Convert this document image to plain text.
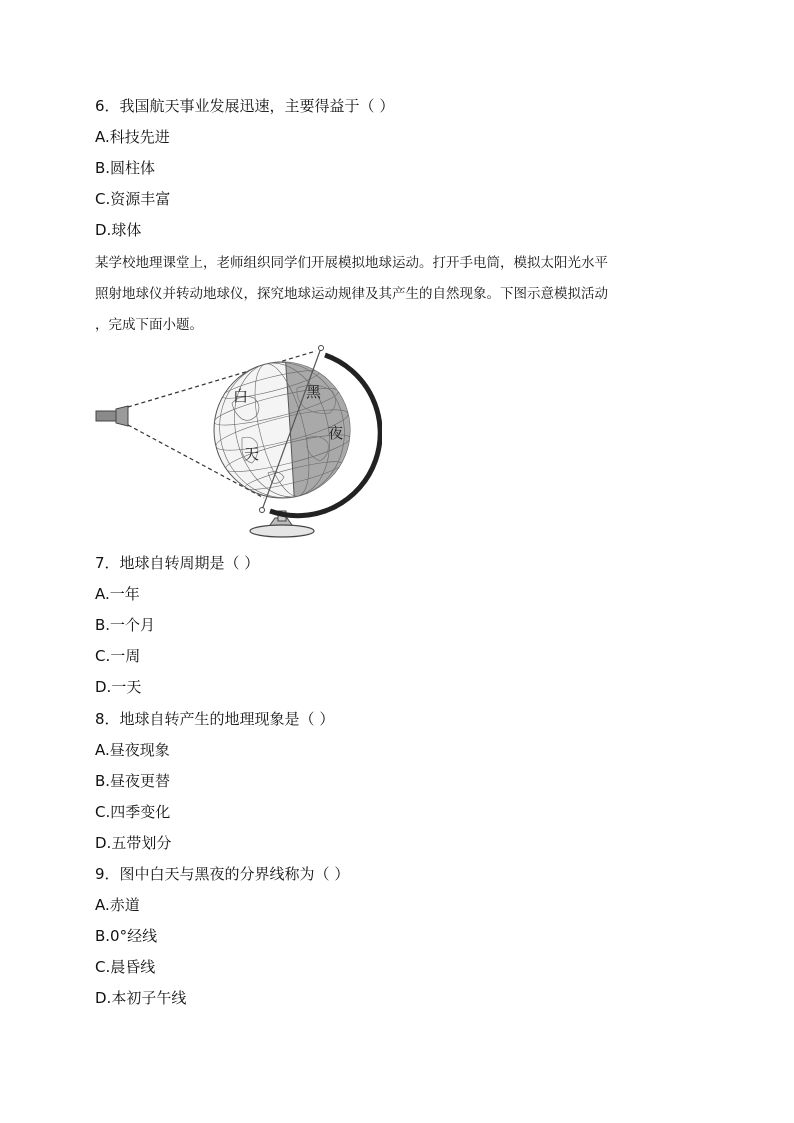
6．我国航天事业发展迅速，主要得益于（ ）
A.科技先进
B.圆柱体
C.资源丰富
D.球体
某学校地理课堂上，老师组织同学们开展模拟地球运动。打开手电筒，模拟太阳光水平
照射地球仪并转动地球仪，探究地球运动规律及其产生的自然现象。下图示意模拟活动
，完成下面小题。
白
天
黑
夜
7．地球自转周期是（ ）
A.一年
B.一个月
C.一周
D.一天
8．地球自转产生的地理现象是（ ）
A.昼夜现象
B.昼夜更替
C.四季变化
D.五带划分
9．图中白天与黑夜的分界线称为（ ）
A.赤道
B.0°经线
C.晨昏线
D.本初子午线
